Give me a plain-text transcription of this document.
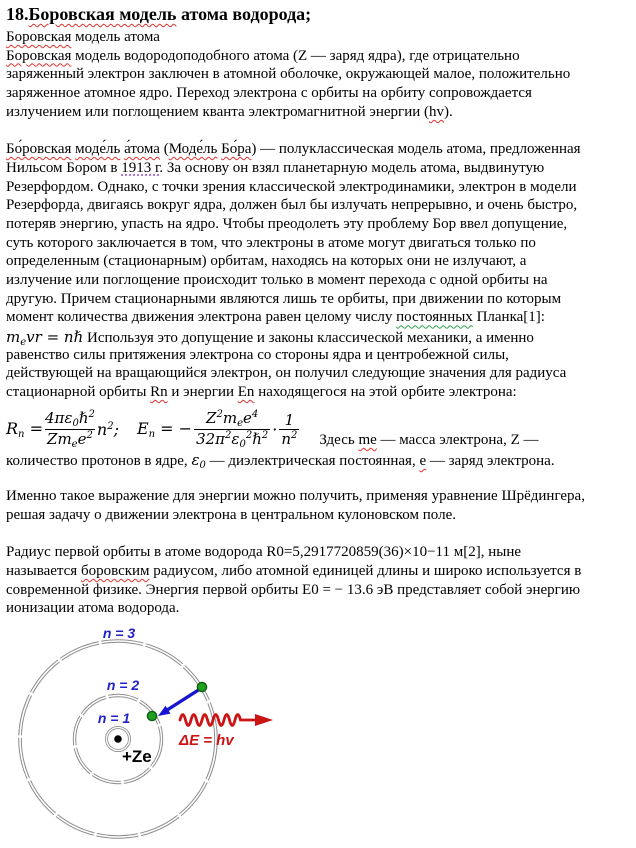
18.Боровская модель атома водорода;
Боровская модель атома
Боровская модель водородоподобного атома (Z — заряд ядра), где отрицательно
заряженный электрон заключен в атомной оболочке, окружающей малое, положительно
заряженное атомное ядро. Переход электрона с орбиты на орбиту сопровождается
излучением или поглощением кванта электромагнитной энергии (hv).
Бо́ровская моде́ль а́тома (Моде́ль Бо́ра) — полуклассическая модель атома, предложенная
Нильсом Бором в 1913 г. За основу он взял планетарную модель атома, выдвинутую
Резерфордом. Однако, с точки зрения классической электродинамики, электрон в модели
Резерфорда, двигаясь вокруг ядра, должен был бы излучать непрерывно, и очень быстро,
потеряв энергию, упасть на ядро. Чтобы преодолеть эту проблему Бор ввел допущение,
суть которого заключается в том, что электроны в атоме могут двигаться только по
определенным (стационарным) орбитам, находясь на которых они не излучают, а
излучение или поглощение происходит только в момент перехода с одной орбиты на
другую. Причем стационарными являются лишь те орбиты, при движении по которым
момент количества движения электрона равен целому числу постоянных Планка[1]:
$m_evr$ = nℏ Используя это допущение и законы классической механики, а именно
равенство силы притяжения электрона со стороны ядра и центробежной силы,
действующей на вращающийся электрон, он получил следующие значения для радиуса
стационарной орбиты Rn и энергии En находящегося на этой орбите электрона:
$Rn = \frac{4\pi\varepsilon_0\hbar^2}{Zm_ee^2} n^2$; En = − $\frac{Z^2m_ee^4}{32\pi^2\varepsilon_0^2\hbar^2} \cdot \frac{1}{n^2}$ Здесь me — масса электрона, Z —
количество протонов в ядре, $\varepsilon_0$ — диэлектрическая постоянная, е — заряд электрона.
Именно такое выражение для энергии можно получить, применяя уравнение Шрёдингера,
решая задачу о движении электрона в центральном кулоновском поле.
Радиус первой орбиты в атоме водорода R0=5,2917720859(36)×10−11 м[2], ныне
называется боровским радиусом, либо атомной единицей длины и широко используется в
современной физике. Энергия первой орбиты E0 = − 13.6 эВ представляет собой энергию
ионизации атома водорода.
n = 3
n = 2
n = 1
+Ze
ΔE = hv
